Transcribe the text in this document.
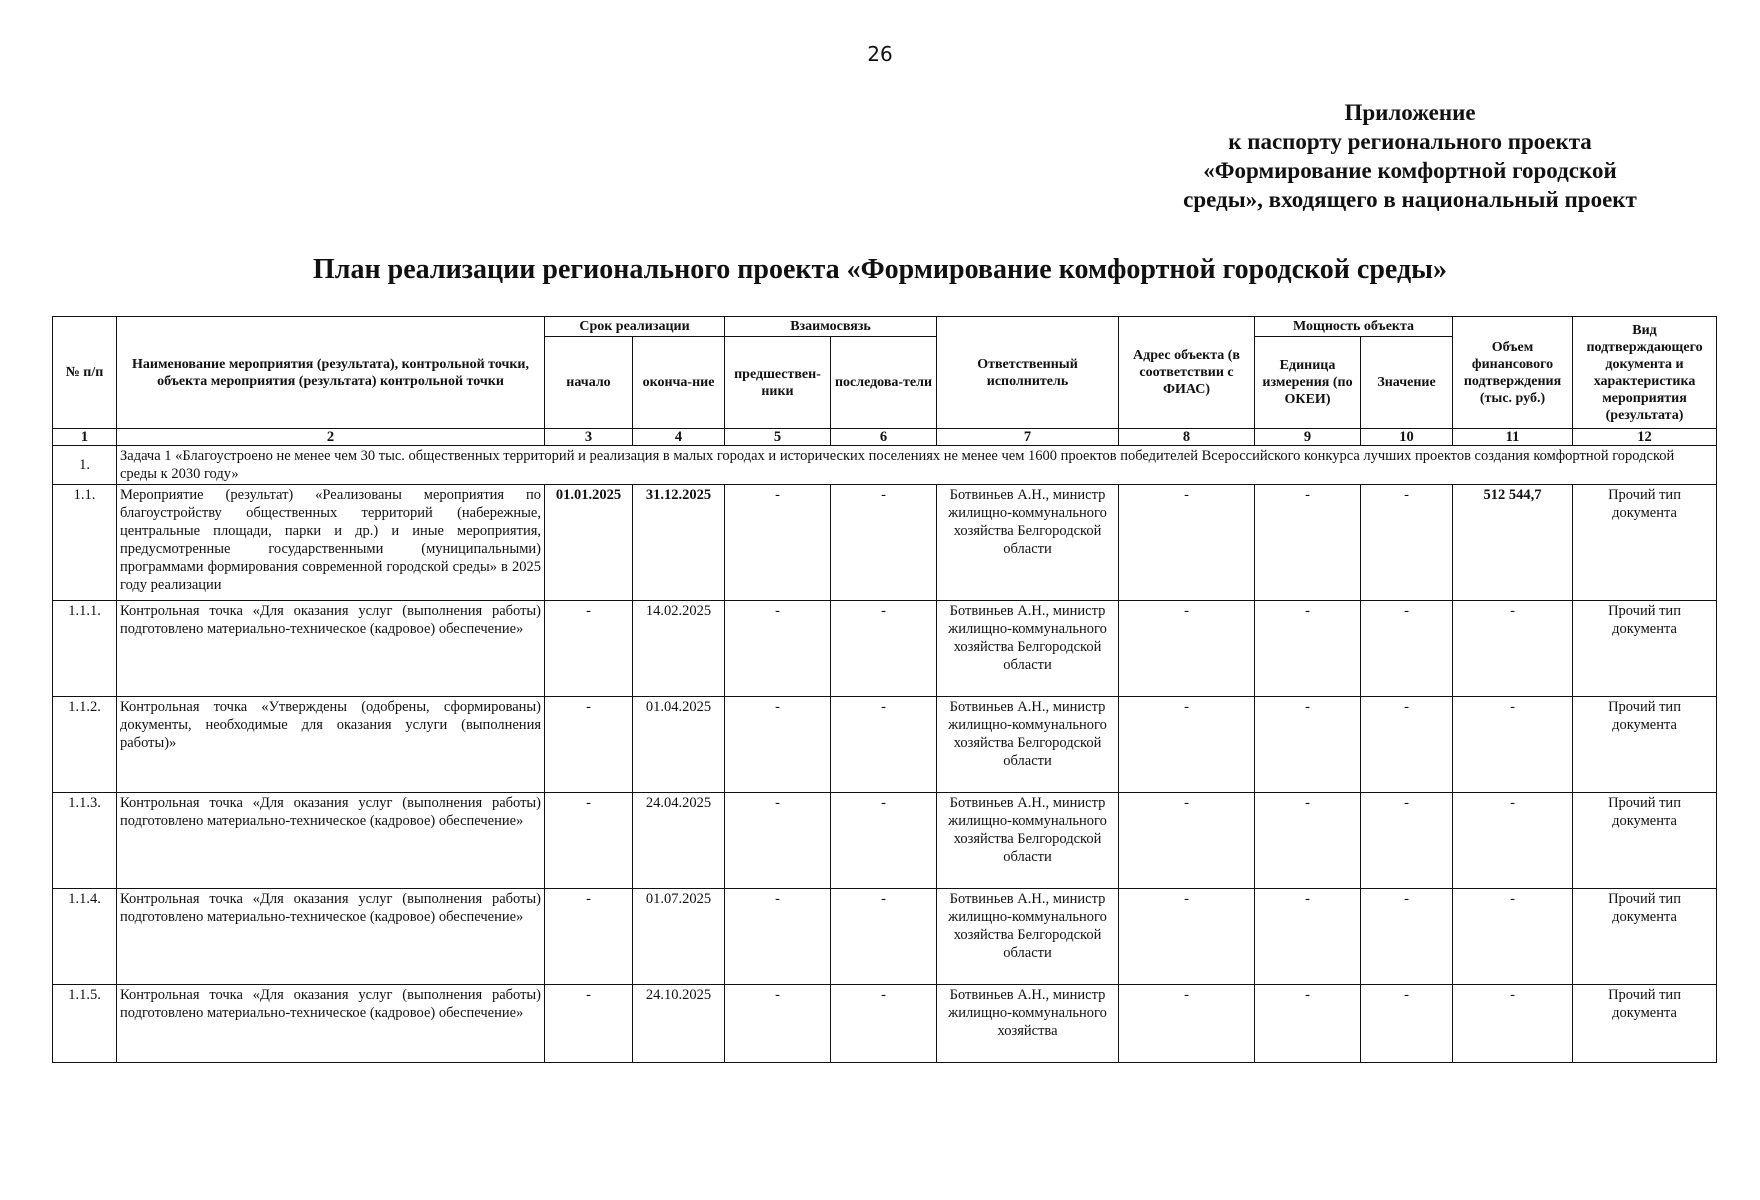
26
Приложение
к паспорту регионального проекта
«Формирование комфортной городской
среды», входящего в национальный проект
План реализации регионального проекта «Формирование комфортной городской среды»
№ п/п	Наименование мероприятия (результата), контрольной точки, объекта мероприятия (результата) контрольной точки	Срок реализации		Взаимосвязь		Ответственный исполнитель	Адрес объекта (в соответствии с ФИАС)	Мощность объекта		Объем финансового подтверждения (тыс. руб.)	Вид подтверждающего документа и характеристика мероприятия (результата)
		начало	оконча-ние	предшествен-ники	последова-тели			Единица измерения (по ОКЕИ)	Значение		
1	2	3	4	5	6	7	8	9	10	11	12
1.	Задача 1 «Благоустроено не менее чем 30 тыс. общественных территорий и реализация в малых городах и исторических поселениях не менее чем 1600 проектов победителей Всероссийского конкурса лучших проектов создания комфортной городской среды к 2030 году»										
1.1.	Мероприятие (результат) «Реализованы мероприятия по благоустройству общественных территорий (набережные, центральные площади, парки и др.) и иные мероприятия, предусмотренные государственными (муниципальными) программами формирования современной городской среды» в 2025 году реализации	01.01.2025	31.12.2025	-	-	Ботвиньев А.Н., министр жилищно-коммунального хозяйства Белгородской области	-	-	-	512 544,7	Прочий тип документа
1.1.1.	Контрольная точка «Для оказания услуг (выполнения работы) подготовлено материально-техническое (кадровое) обеспечение»	-	14.02.2025	-	-	Ботвиньев А.Н., министр жилищно-коммунального хозяйства Белгородской области	-	-	-	-	Прочий тип документа
1.1.2.	Контрольная точка «Утверждены (одобрены, сформированы) документы, необходимые для оказания услуги (выполнения работы)»	-	01.04.2025	-	-	Ботвиньев А.Н., министр жилищно-коммунального хозяйства Белгородской области	-	-	-	-	Прочий тип документа
1.1.3.	Контрольная точка «Для оказания услуг (выполнения работы) подготовлено материально-техническое (кадровое) обеспечение»	-	24.04.2025	-	-	Ботвиньев А.Н., министр жилищно-коммунального хозяйства Белгородской области	-	-	-	-	Прочий тип документа
1.1.4.	Контрольная точка «Для оказания услуг (выполнения работы) подготовлено материально-техническое (кадровое) обеспечение»	-	01.07.2025	-	-	Ботвиньев А.Н., министр жилищно-коммунального хозяйства Белгородской области	-	-	-	-	Прочий тип документа
1.1.5.	Контрольная точка «Для оказания услуг (выполнения работы) подготовлено материально-техническое (кадровое) обеспечение»	-	24.10.2025	-	-	Ботвиньев А.Н., министр жилищно-коммунального хозяйства	-	-	-	-	Прочий тип документа
